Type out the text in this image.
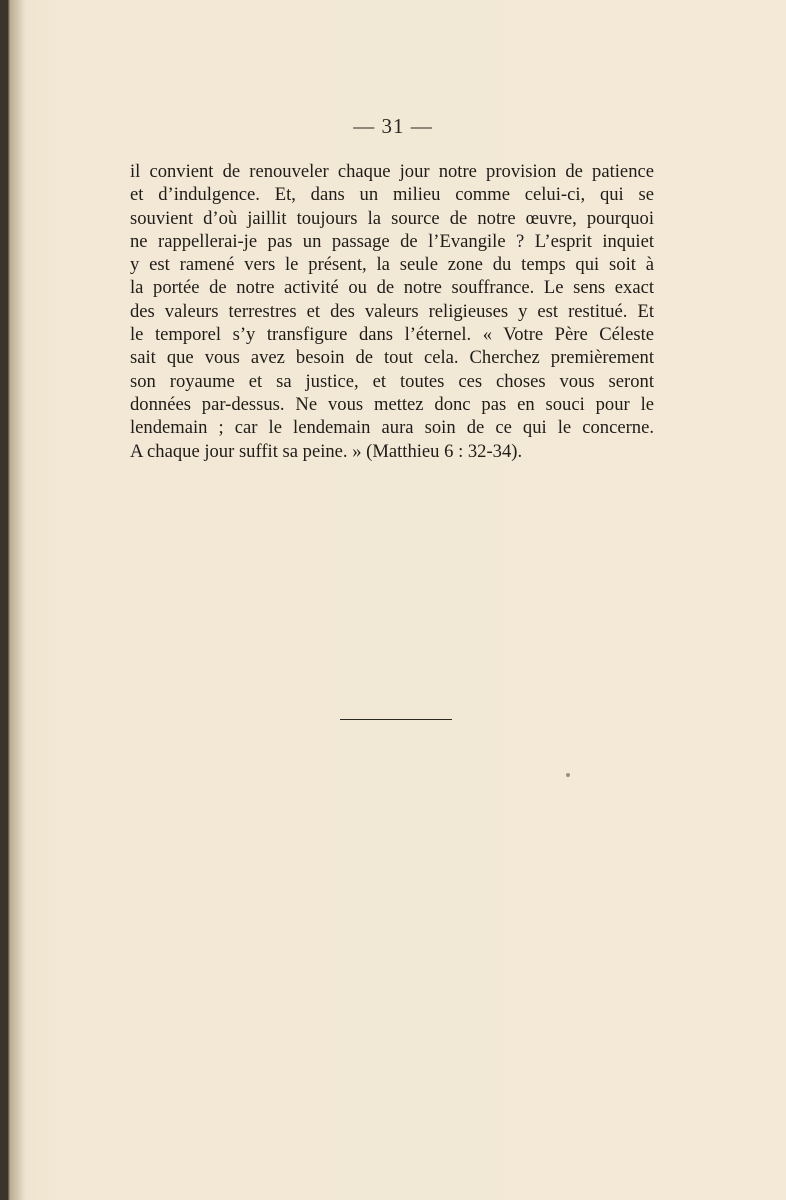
— 31 —
il convient de renouveler chaque jour notre provision de patience
et d’indulgence. Et, dans un milieu comme celui-ci, qui se
souvient d’où jaillit toujours la source de notre œuvre, pourquoi
ne rappellerai-je pas un passage de l’Evangile ? L’esprit inquiet
y est ramené vers le présent, la seule zone du temps qui soit à
la portée de notre activité ou de notre souffrance. Le sens exact
des valeurs terrestres et des valeurs religieuses y est restitué. Et
le temporel s’y transfigure dans l’éternel. « Votre Père Céleste
sait que vous avez besoin de tout cela. Cherchez premièrement
son royaume et sa justice, et toutes ces choses vous seront
données par-dessus. Ne vous mettez donc pas en souci pour le
lendemain ; car le lendemain aura soin de ce qui le concerne.
A chaque jour suffit sa peine. » (Matthieu 6 : 32-34).
